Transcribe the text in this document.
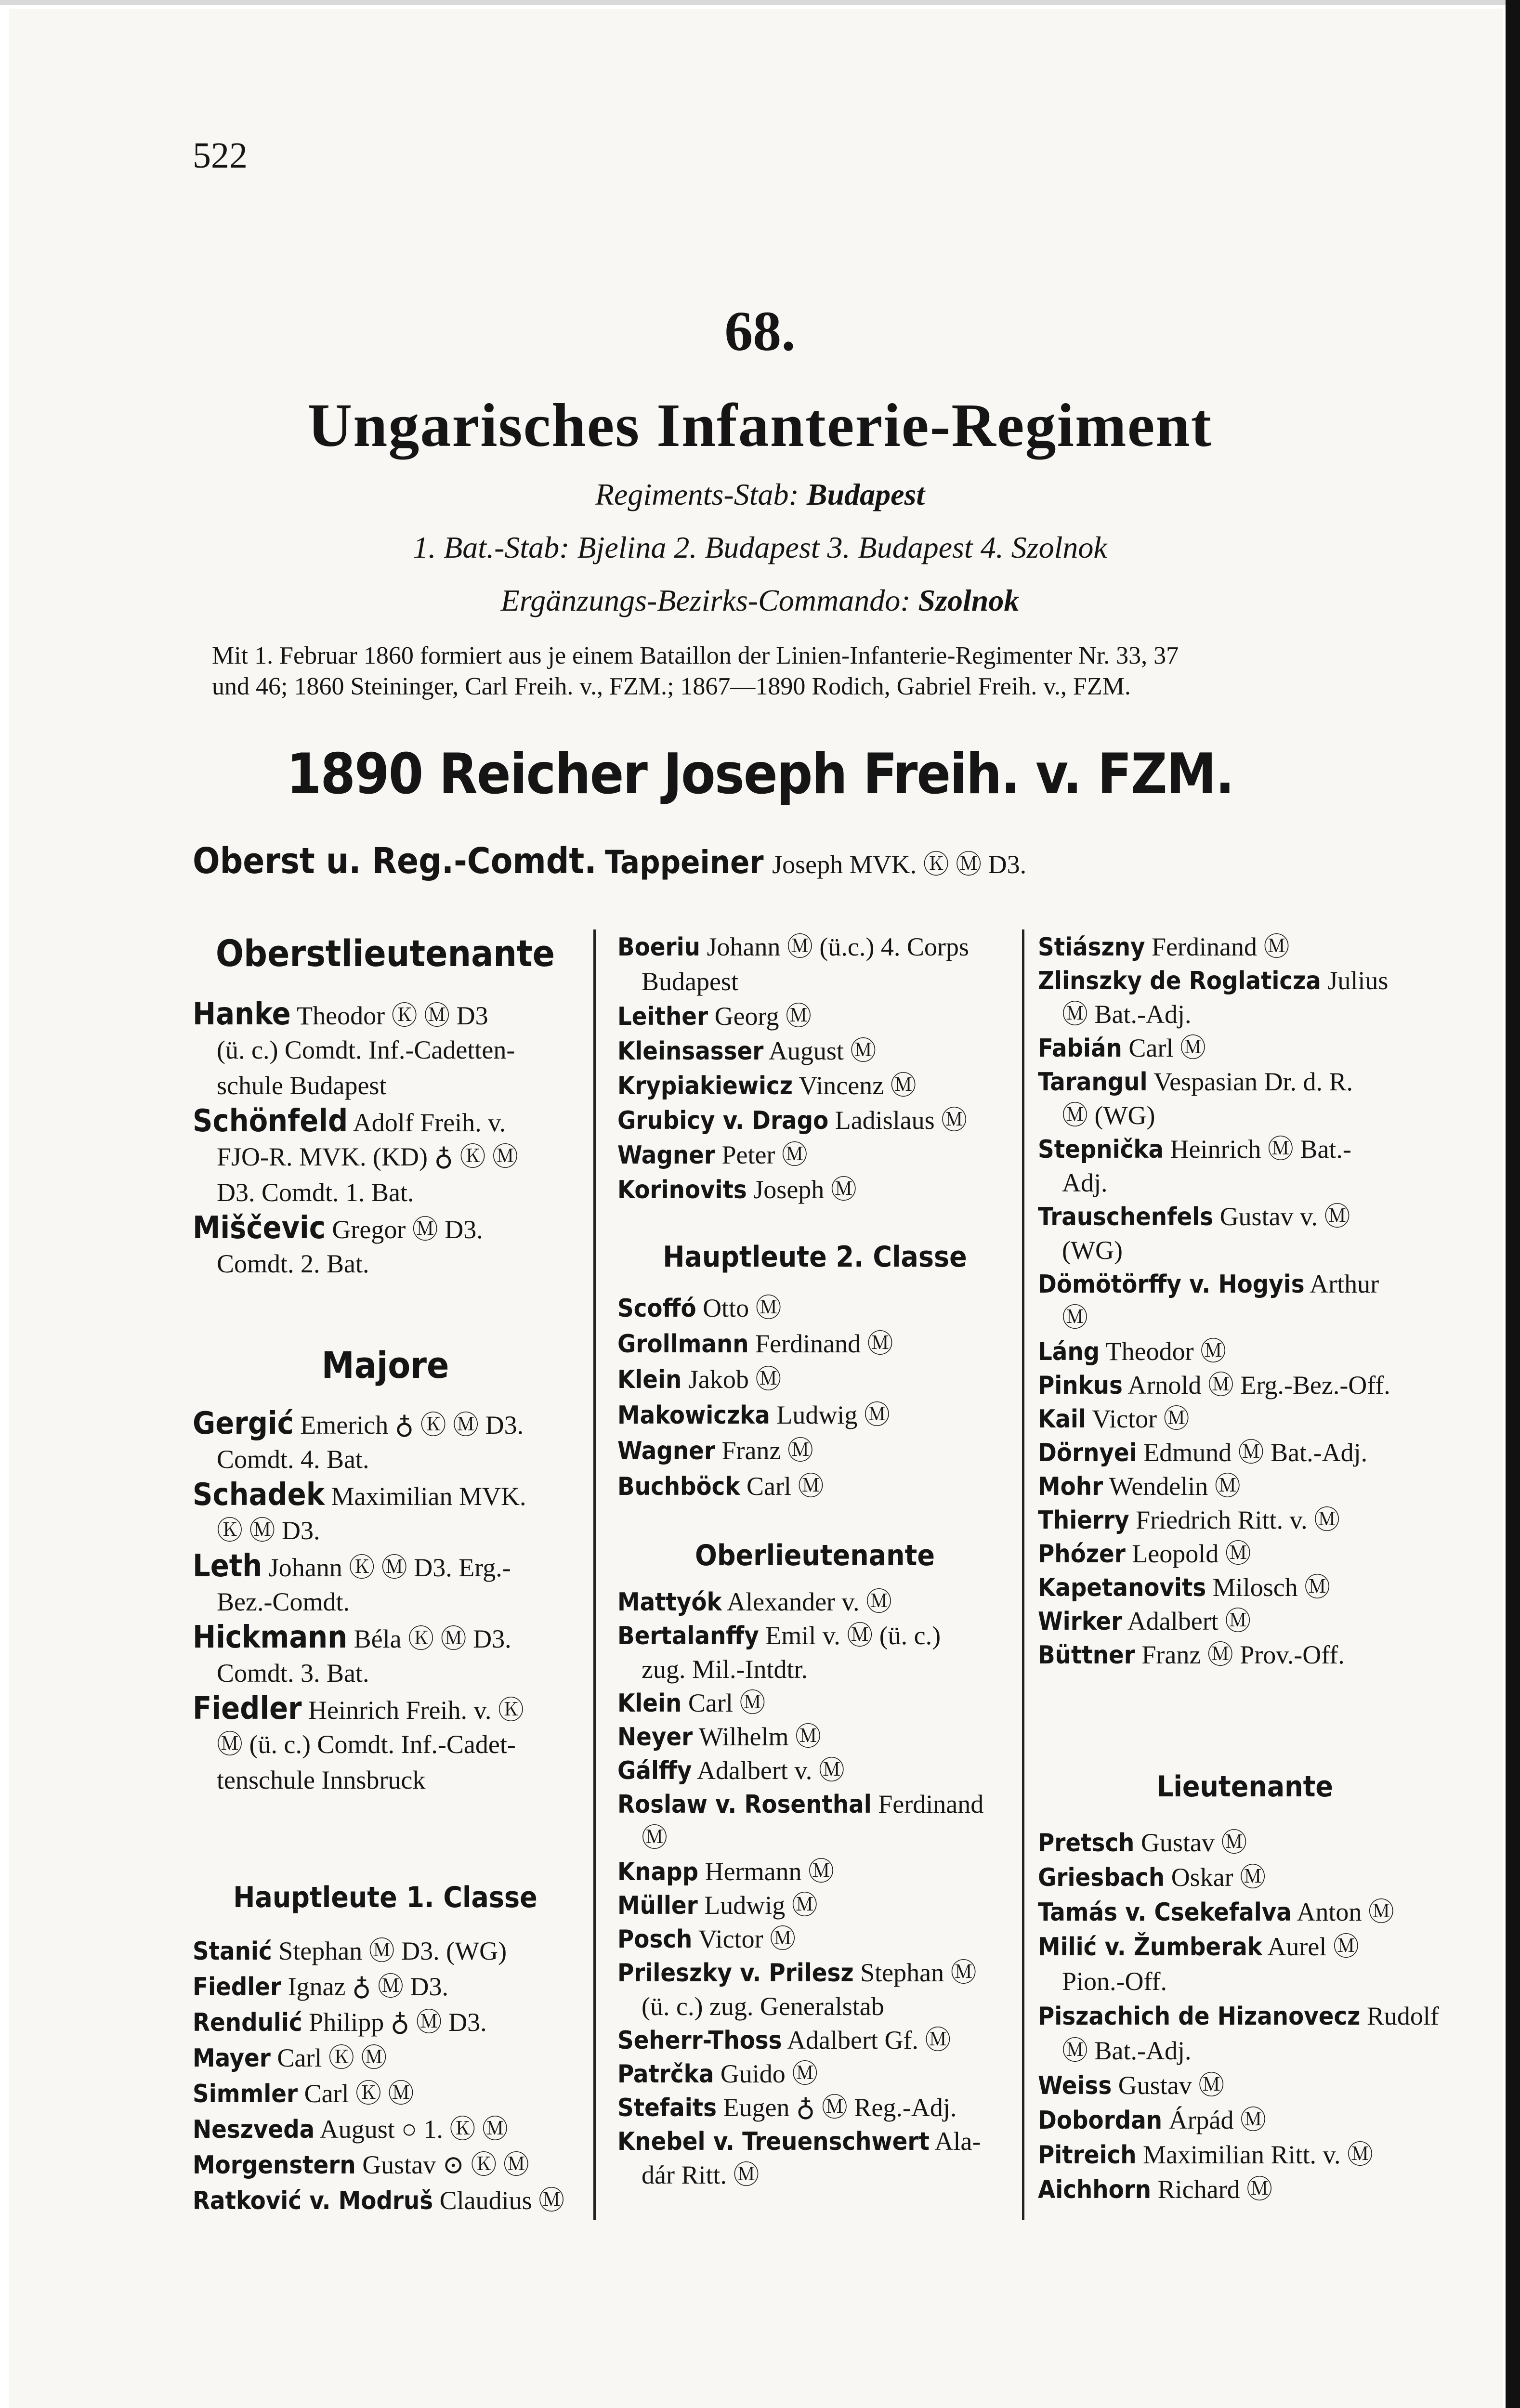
522
68.
Ungarisches Infanterie-Regiment
Regiments-Stab: Budapest
1. Bat.-Stab: Bjelina 2. Budapest 3. Budapest 4. Szolnok
Ergänzungs-Bezirks-Commando: Szolnok
Mit 1. Februar 1860 formiert aus je einem Bataillon der Linien-Infanterie-Regimenter Nr. 33, 37
und 46; 1860 Steininger, Carl Freih. v., FZM.; 1867—1890 Rodich, Gabriel Freih. v., FZM.
1890 Reicher Joseph Freih. v. FZM.
Oberst u. Reg.-Comdt. Tappeiner Joseph MVK. Ⓚ Ⓜ D3.
Oberstlieutenante
Hanke Theodor Ⓚ Ⓜ D3
(ü. c.) Comdt. Inf.-Cadetten-
schule Budapest
Schönfeld Adolf Freih. v.
FJO-R. MVK. (KD) ♁ Ⓚ Ⓜ
D3. Comdt. 1. Bat.
Miščevic Gregor Ⓜ D3.
Comdt. 2. Bat.
Majore
Gergić Emerich ♁ Ⓚ Ⓜ D3.
Comdt. 4. Bat.
Schadek Maximilian MVK.
Ⓚ Ⓜ D3.
Leth Johann Ⓚ Ⓜ D3. Erg.-
Bez.-Comdt.
Hickmann Béla Ⓚ Ⓜ D3.
Comdt. 3. Bat.
Fiedler Heinrich Freih. v. Ⓚ
Ⓜ (ü. c.) Comdt. Inf.-Cadet-
tenschule Innsbruck
Hauptleute 1. Classe
Stanić Stephan Ⓜ D3. (WG)
Fiedler Ignaz ♁ Ⓜ D3.
Rendulić Philipp ♁ Ⓜ D3.
Mayer Carl Ⓚ Ⓜ
Simmler Carl Ⓚ Ⓜ
Neszveda August ○ 1. Ⓚ Ⓜ
Morgenstern Gustav ⊙ Ⓚ Ⓜ
Ratković v. Modruš Claudius Ⓜ
Boeriu Johann Ⓜ (ü.c.) 4. Corps
Budapest
Leither Georg Ⓜ
Kleinsasser August Ⓜ
Krypiakiewicz Vincenz Ⓜ
Grubicy v. Drago Ladislaus Ⓜ
Wagner Peter Ⓜ
Korinovits Joseph Ⓜ
Hauptleute 2. Classe
Scoffó Otto Ⓜ
Grollmann Ferdinand Ⓜ
Klein Jakob Ⓜ
Makowiczka Ludwig Ⓜ
Wagner Franz Ⓜ
Buchböck Carl Ⓜ
Oberlieutenante
Mattyók Alexander v. Ⓜ
Bertalanffy Emil v. Ⓜ (ü. c.)
zug. Mil.-Intdtr.
Klein Carl Ⓜ
Neyer Wilhelm Ⓜ
Gálffy Adalbert v. Ⓜ
Roslaw v. Rosenthal Ferdinand
Ⓜ
Knapp Hermann Ⓜ
Müller Ludwig Ⓜ
Posch Victor Ⓜ
Prileszky v. Prilesz Stephan Ⓜ
(ü. c.) zug. Generalstab
Seherr-Thoss Adalbert Gf. Ⓜ
Patrčka Guido Ⓜ
Stefaits Eugen ♁ Ⓜ Reg.-Adj.
Knebel v. Treuenschwert Ala-
dár Ritt. Ⓜ
Stiászny Ferdinand Ⓜ
Zlinszky de Roglaticza Julius
Ⓜ Bat.-Adj.
Fabián Carl Ⓜ
Tarangul Vespasian Dr. d. R.
Ⓜ (WG)
Stepnička Heinrich Ⓜ Bat.-
Adj.
Trauschenfels Gustav v. Ⓜ
(WG)
Dömötörffy v. Hogyis Arthur
Ⓜ
Láng Theodor Ⓜ
Pinkus Arnold Ⓜ Erg.-Bez.-Off.
Kail Victor Ⓜ
Dörnyei Edmund Ⓜ Bat.-Adj.
Mohr Wendelin Ⓜ
Thierry Friedrich Ritt. v. Ⓜ
Phózer Leopold Ⓜ
Kapetanovits Milosch Ⓜ
Wirker Adalbert Ⓜ
Büttner Franz Ⓜ Prov.-Off.
Lieutenante
Pretsch Gustav Ⓜ
Griesbach Oskar Ⓜ
Tamás v. Csekefalva Anton Ⓜ
Milić v. Žumberak Aurel Ⓜ
Pion.-Off.
Piszachich de Hizanovecz Rudolf
Ⓜ Bat.-Adj.
Weiss Gustav Ⓜ
Dobordan Árpád Ⓜ
Pitreich Maximilian Ritt. v. Ⓜ
Aichhorn Richard Ⓜ
